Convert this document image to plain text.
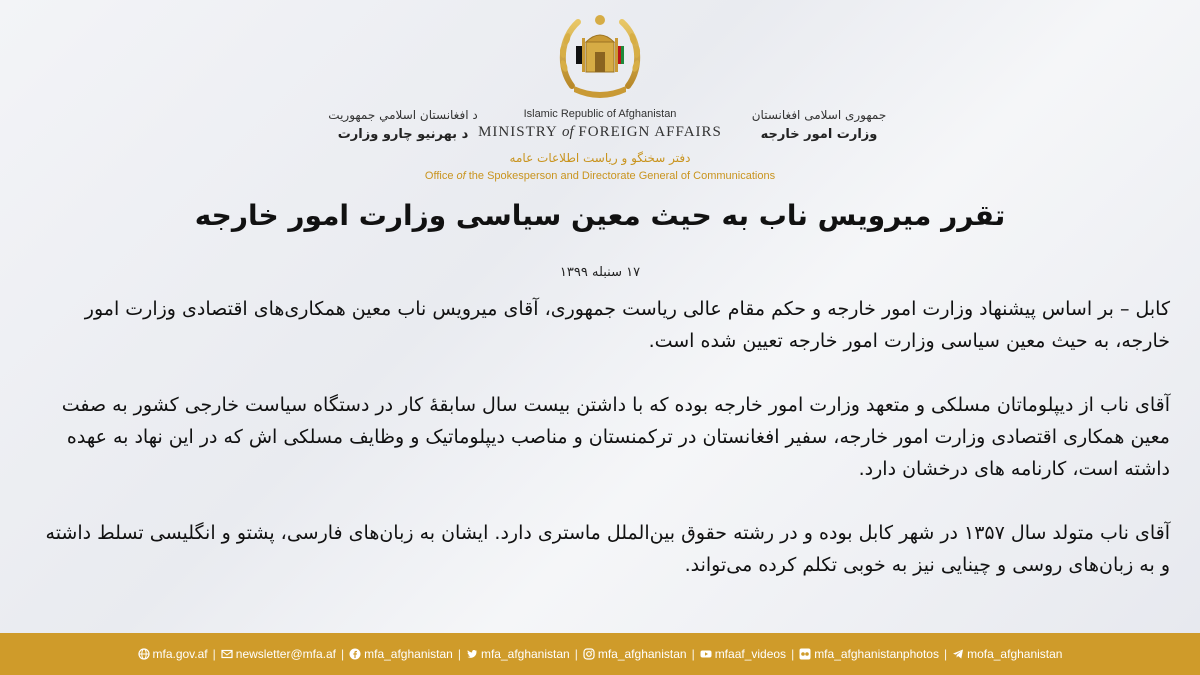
د افغانستان اسلامي جمهوريت
د بهرنيو چارو وزارت
Islamic Republic of Afghanistan
MINISTRY of FOREIGN AFFAIRS
جمهوری اسلامی افغانستان
وزارت امور خارجه
دفتر سخنگو و ریاست اطلاعات عامه
Office of the Spokesperson and Directorate General of Communications
تقرر میرویس ناب به حیث معین سیاسی وزارت امور خارجه
۱۷ سنبله ۱۳۹۹

کابل – بر اساس پیشنهاد وزارت امور خارجه و حکم مقام عالی ریاست جمهوری، آقای میرویس ناب معین همکاری‌های اقتصادی وزارت امور خارجه، به حیث معین سیاسی وزارت امور خارجه تعیین شده است.

آقای ناب از دیپلوماتان مسلکی و متعهد وزارت امور خارجه بوده که با داشتن بیست سال سابقهٔ کار در دستگاه سیاست خارجی کشور به صفت معین همکاری اقتصادی وزارت امور خارجه، سفیر افغانستان در ترکمنستان و مناصب دیپلوماتیک و وظایف مسلکی اش که در این نهاد به عهده داشته است، کارنامه های درخشان دارد.

آقای ناب متولد سال ۱۳۵۷ در شهر کابل بوده و در رشته حقوق بین‌الملل ماستری دارد. ایشان به زبان‌های فارسی، پشتو و انگلیسی تسلط داشته و به زبان‌های روسی و چینایی نیز به خوبی تکلم کرده می‌تواند.

mfa.gov.af | newsletter@mfa.af | mfa_afghanistan | mfa_afghanistan | mfa_afghanistan | mfaaf_videos | mfa_afghanistanphotos | mofa_afghanistan
